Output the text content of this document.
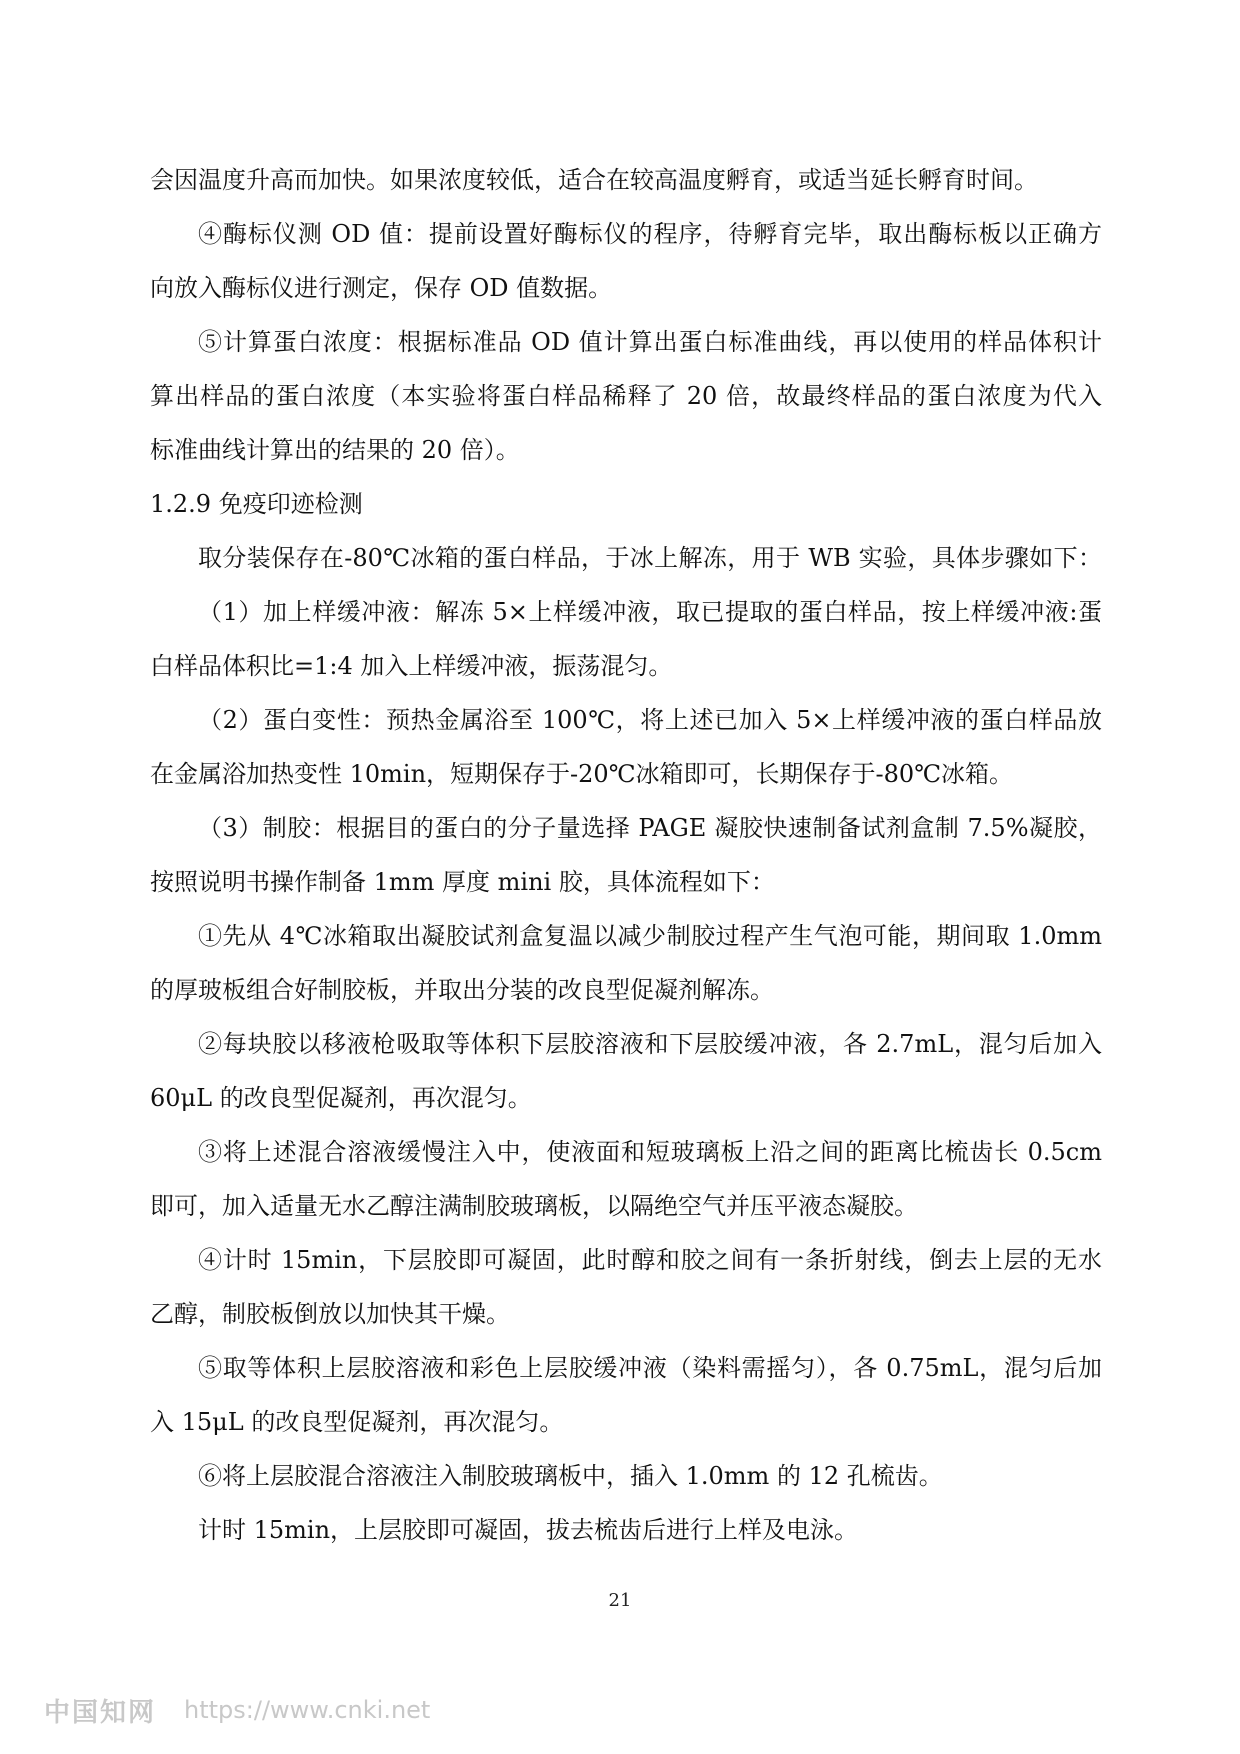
会因温度升高而加快。如果浓度较低，适合在较高温度孵育，或适当延长孵育时间。
④酶标仪测 OD 值：提前设置好酶标仪的程序，待孵育完毕，取出酶标板以正确方
向放入酶标仪进行测定，保存 OD 值数据。
⑤计算蛋白浓度：根据标准品 OD 值计算出蛋白标准曲线，再以使用的样品体积计
算出样品的蛋白浓度（本实验将蛋白样品稀释了 20 倍，故最终样品的蛋白浓度为代入
标准曲线计算出的结果的 20 倍）。
1.2.9 免疫印迹检测
取分装保存在-80℃冰箱的蛋白样品，于冰上解冻，用于 WB 实验，具体步骤如下：
（1）加上样缓冲液：解冻 5×上样缓冲液，取已提取的蛋白样品，按上样缓冲液:蛋
白样品体积比=1:4 加入上样缓冲液，振荡混匀。
（2）蛋白变性：预热金属浴至 100℃，将上述已加入 5×上样缓冲液的蛋白样品放
在金属浴加热变性 10min，短期保存于-20℃冰箱即可，长期保存于-80℃冰箱。
（3）制胶：根据目的蛋白的分子量选择 PAGE 凝胶快速制备试剂盒制 7.5%凝胶，
按照说明书操作制备 1mm 厚度 mini 胶，具体流程如下：
①先从 4℃冰箱取出凝胶试剂盒复温以减少制胶过程产生气泡可能，期间取 1.0mm
的厚玻板组合好制胶板，并取出分装的改良型促凝剂解冻。
②每块胶以移液枪吸取等体积下层胶溶液和下层胶缓冲液，各 2.7mL，混匀后加入
60μL 的改良型促凝剂，再次混匀。
③将上述混合溶液缓慢注入中，使液面和短玻璃板上沿之间的距离比梳齿长 0.5cm
即可，加入适量无水乙醇注满制胶玻璃板，以隔绝空气并压平液态凝胶。
④计时 15min，下层胶即可凝固，此时醇和胶之间有一条折射线，倒去上层的无水
乙醇，制胶板倒放以加快其干燥。
⑤取等体积上层胶溶液和彩色上层胶缓冲液（染料需摇匀），各 0.75mL，混匀后加
入 15μL 的改良型促凝剂，再次混匀。
⑥将上层胶混合溶液注入制胶玻璃板中，插入 1.0mm 的 12 孔梳齿。
计时 15min，上层胶即可凝固，拔去梳齿后进行上样及电泳。
21
中国知网 https://www.cnki.net
